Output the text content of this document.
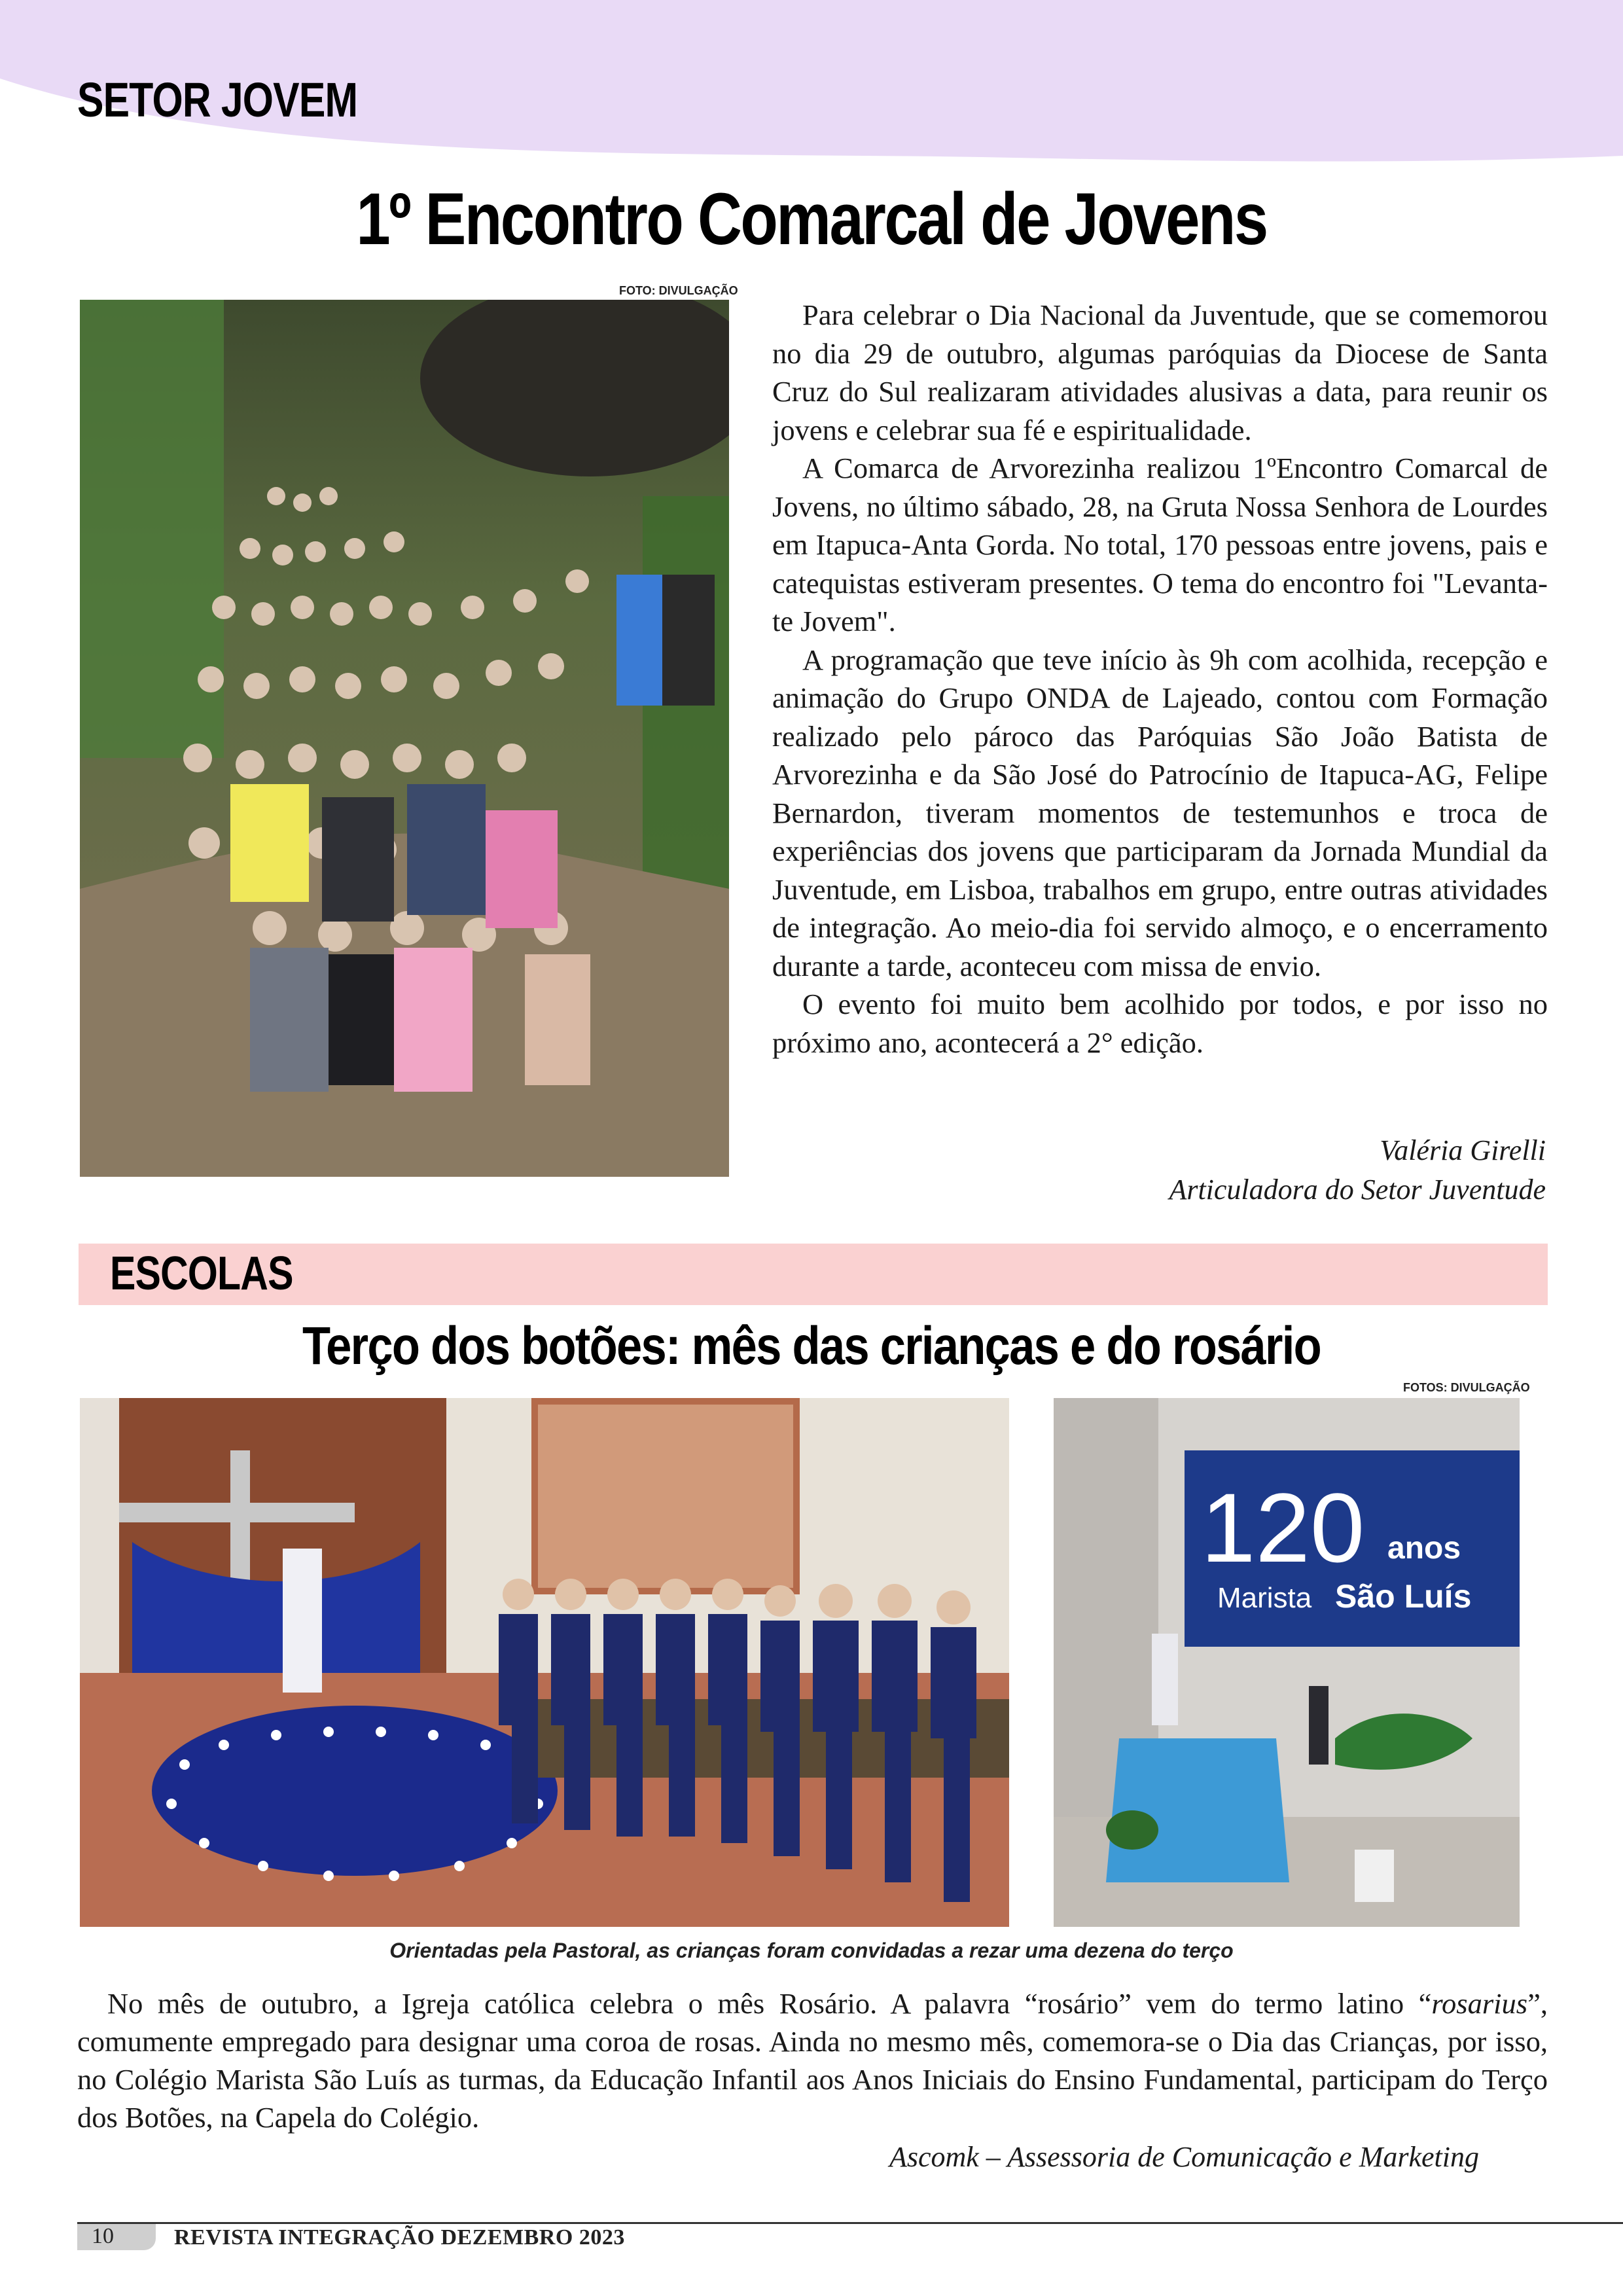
SETOR JOVEM
1º Encontro Comarcal de Jovens
FOTO: DIVULGAÇÃO

Para celebrar o Dia Nacional da Juventude, que se comemorou no dia 29 de outubro, algumas paróquias da Diocese de Santa Cruz do Sul realizaram atividades alusivas a data, para reunir os jovens e celebrar sua fé e espiritualidade.

A Comarca de Arvorezinha realizou 1ºEncontro Comarcal de Jovens, no último sábado, 28, na Gruta Nossa Senhora de Lourdes em Itapuca-Anta Gorda. No total, 170 pessoas entre jovens, pais e catequistas estiveram presentes. O tema do encontro foi "Levanta-te Jovem".

A programação que teve início às 9h com acolhida, recepção e animação do Grupo ONDA de Lajeado, contou com Formação realizado pelo pároco das Paróquias São João Batista de Arvorezinha e da São José do Patrocínio de Itapuca-AG, Felipe Bernardon, tiveram momentos de testemunhos e troca de experiências dos jovens que participaram da Jornada Mundial da Juventude, em Lisboa, trabalhos em grupo, entre outras atividades de integração. Ao meio-dia foi servido almoço, e o encerramento durante a tarde, aconteceu com missa de envio.

O evento foi muito bem acolhido por todos, e por isso no próximo ano, acontecerá a 2° edição.

Valéria Girelli
Articuladora do Setor Juventude
ESCOLAS
Terço dos botões: mês das crianças e do rosário
FOTOS: DIVULGAÇÃO
120 anos
Marista São Luís
Orientadas pela Pastoral, as crianças foram convidadas a rezar uma dezena do terço

No mês de outubro, a Igreja católica celebra o mês Rosário. A palavra “rosário” vem do termo latino “rosarius”, comumente empregado para designar uma coroa de rosas. Ainda no mesmo mês, comemora-se o Dia das Crianças, por isso, no Colégio Marista São Luís as turmas, da Educação Infantil aos Anos Iniciais do Ensino Fundamental, participam do Terço dos Botões, na Capela do Colégio.

Ascomk – Assessoria de Comunicação e Marketing
10	REVISTA INTEGRAÇÃO DEZEMBRO 2023
